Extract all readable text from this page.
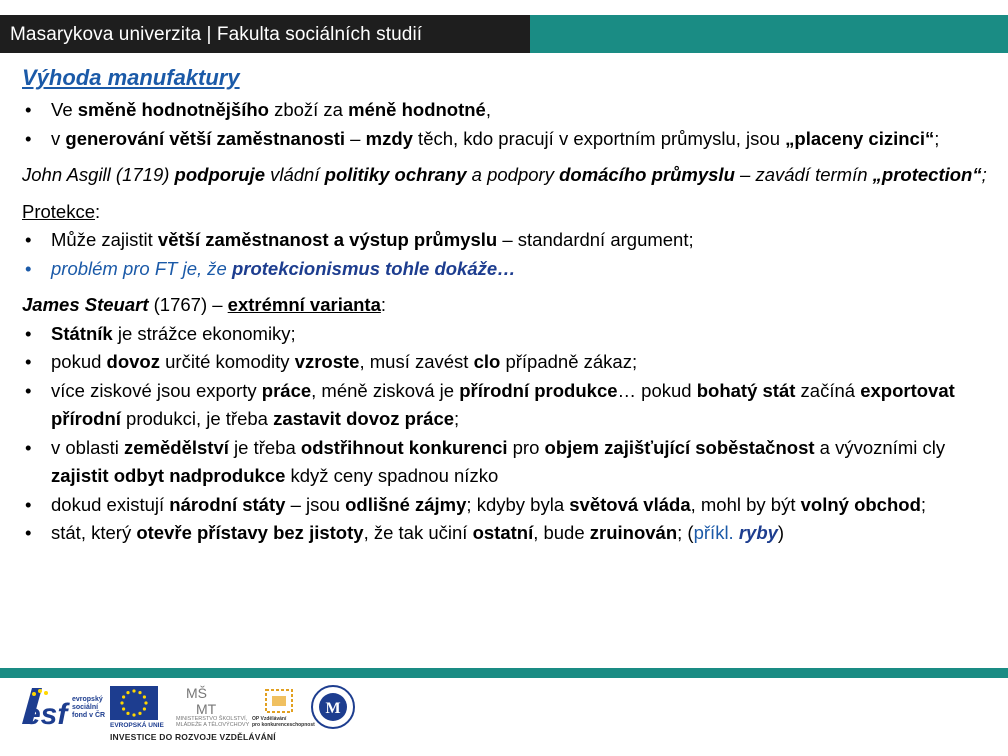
Masarykova univerzita | Fakulta sociálních studií
Výhoda manufaktury
• Ve směně hodnotnějšího zboží za méně hodnotné,
• v generování větší zaměstnanosti – mzdy těch, kdo pracují v exportním průmyslu, jsou „placeny cizinci“;
John Asgill (1719) podporuje vládní politiky ochrany a podpory domácího průmyslu – zavádí termín „protection“;
Protekce:
• Může zajistit větší zaměstnanost a výstup průmyslu – standardní argument;
• problém pro FT je, že protekcionismus tohle dokáže…
James Steuart (1767) – extrémní varianta:
• Státník je strážce ekonomiky;
• pokud dovoz určité komodity vzroste, musí zavést clo případně zákaz;
• více ziskové jsou exporty práce, méně zisková je přírodní produkce… pokud bohatý stát začíná exportovat přírodní produkci, je třeba zastavit dovoz práce;
• v oblasti zemědělství je třeba odstřihnout konkurenci pro objem zajišťující soběstačnost a vývozními cly zajistit odbyt nadprodukce když ceny spadnou nízko
• dokud existují národní státy – jsou odlišné zájmy; kdyby byla světová vláda, mohl by být volný obchod;
• stát, který otevře přístavy bez jistoty, že tak učiní ostatní, bude zruinován; (příkl. ryby)
esf evropský
sociální
fond v ČR
EVROPSKÁ UNIE
MŠ
MT
MINISTERSTVO ŠKOLSTVÍ,
MLÁDEŽE A TĚLOVÝCHOVY
OP Vzdělávání
pro konkurenceschopnost
M
INVESTICE DO ROZVOJE VZDĚLÁVÁNÍ
